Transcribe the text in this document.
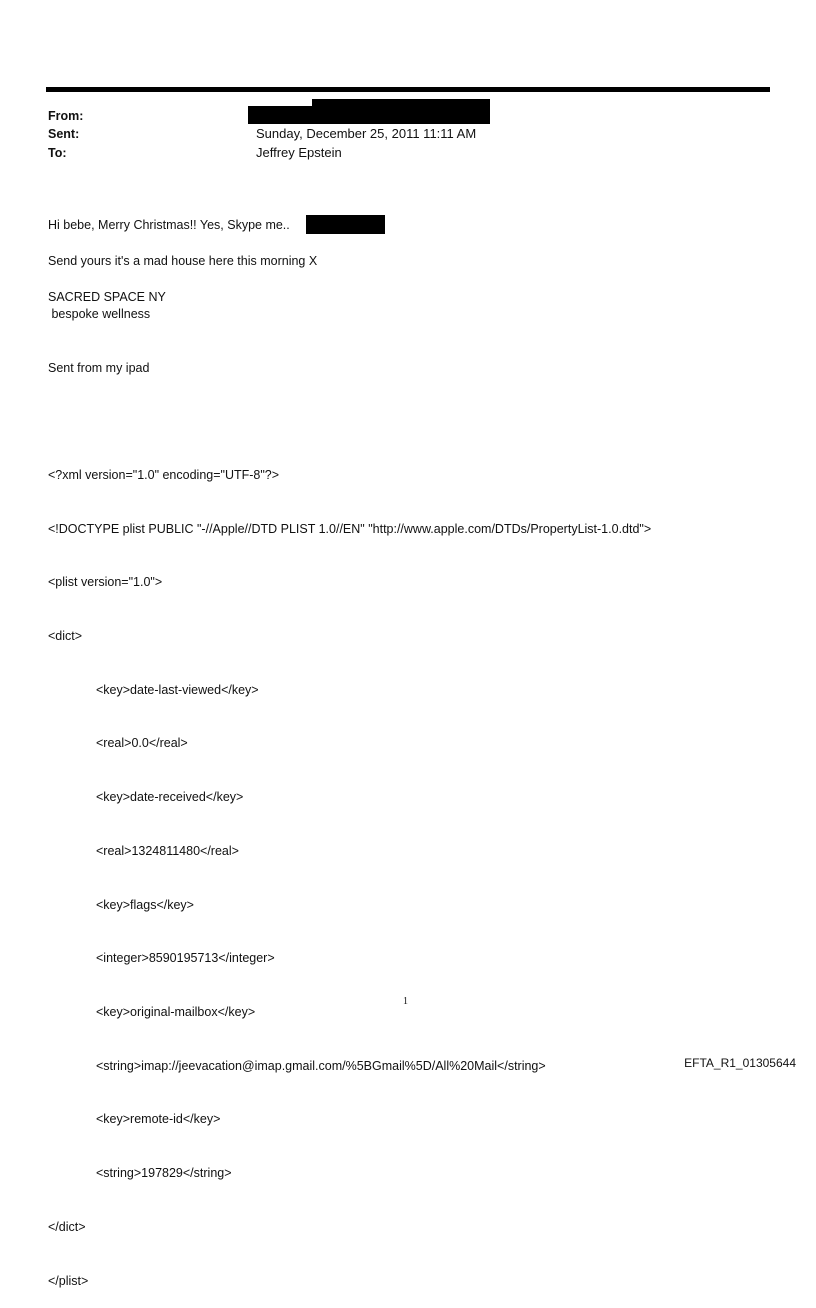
From:
Sent:	Sunday, December 25, 2011 11:11 AM
To:	Jeffrey Epstein
Hi bebe, Merry Christmas!! Yes, Skype me..
Send yours it's a mad house here this morning X
SACRED SPACE NY
bespoke wellness
Sent from my ipad

<?xml version="1.0" encoding="UTF-8"?>

<!DOCTYPE plist PUBLIC "-//Apple//DTD PLIST 1.0//EN" "http://www.apple.com/DTDs/PropertyList-1.0.dtd">

<plist version="1.0">

<dict>

<key>date-last-viewed</key>

<real>0.0</real>

<key>date-received</key>

<real>1324811480</real>

<key>flags</key>

<integer>8590195713</integer>

<key>original-mailbox</key>

<string>imap://jeevacation@imap.gmail.com/%5BGmail%5D/All%20Mail</string>

<key>remote-id</key>

<string>197829</string>

</dict>

</plist>

1
EFTA_R1_01305644
